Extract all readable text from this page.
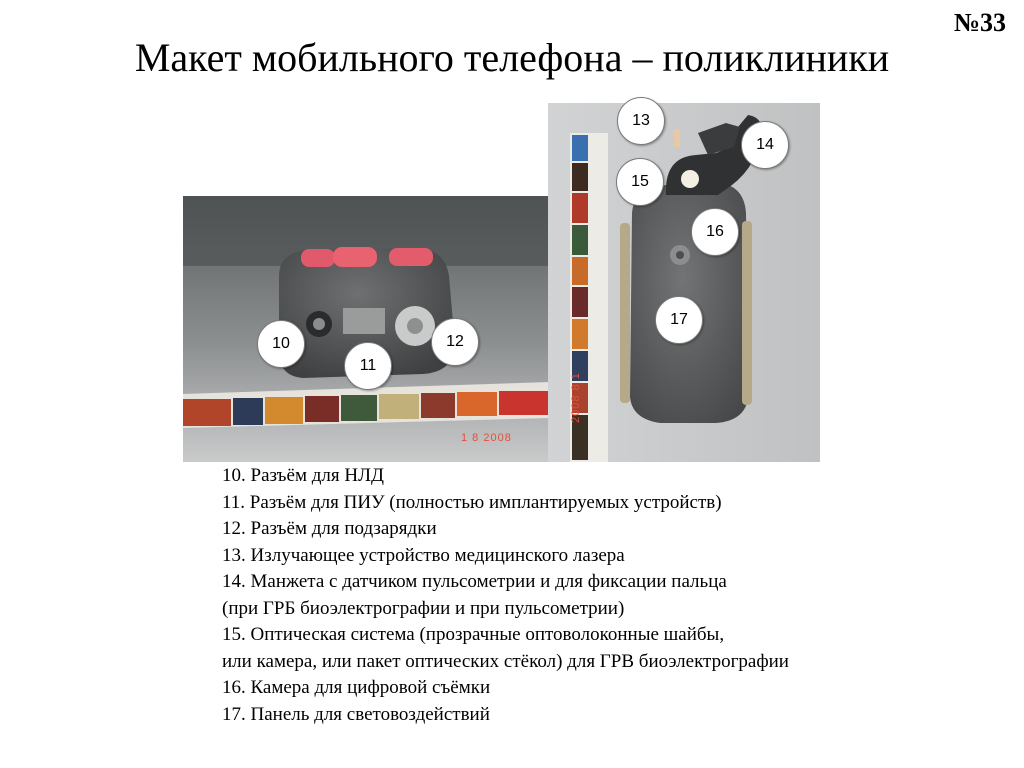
№33
Макет мобильного телефона – поликлиники
1 8 2008
2008 8 1
10
11
12
13
14
15
16
17
10. Разъём для НЛД
11. Разъём для ПИУ (полностью имплантируемых устройств)
12. Разъём для подзарядки
13. Излучающее устройство медицинского лазера
14. Манжета с датчиком пульсометрии и для фиксации пальца
(при ГРБ биоэлектрографии и при пульсометрии)
15. Оптическая система (прозрачные оптоволоконные шайбы,
или камера, или пакет оптических стёкол) для ГРВ биоэлектрографии
16. Камера для цифровой съёмки
17. Панель для световоздействий
